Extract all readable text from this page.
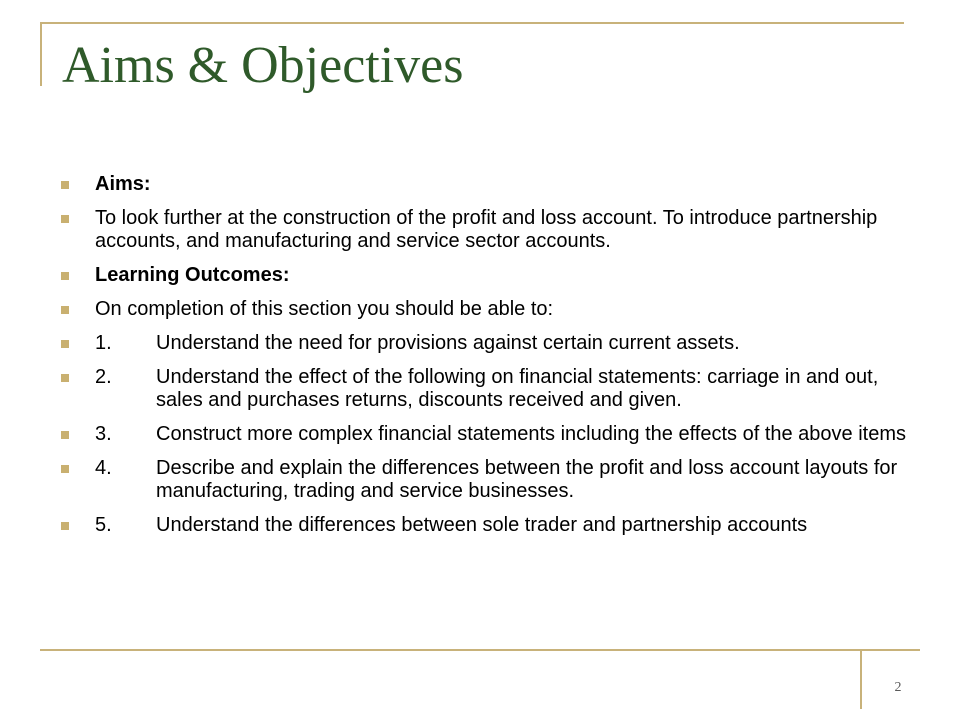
Aims & Objectives
Aims:
To look further at the construction of the profit and loss account. To introduce partnership accounts, and manufacturing and service sector accounts.
Learning Outcomes:
On completion of this section you should be able to:
1.	Understand the need for provisions against certain current assets.
2.	Understand the effect of the following on financial statements: carriage in and out, sales and purchases returns, discounts received and given.
3.	Construct more complex financial statements including the effects of the above items
4.	Describe and explain the differences between the profit and loss account layouts for manufacturing, trading and service businesses.
5.	Understand the differences between sole trader and partnership accounts
2
